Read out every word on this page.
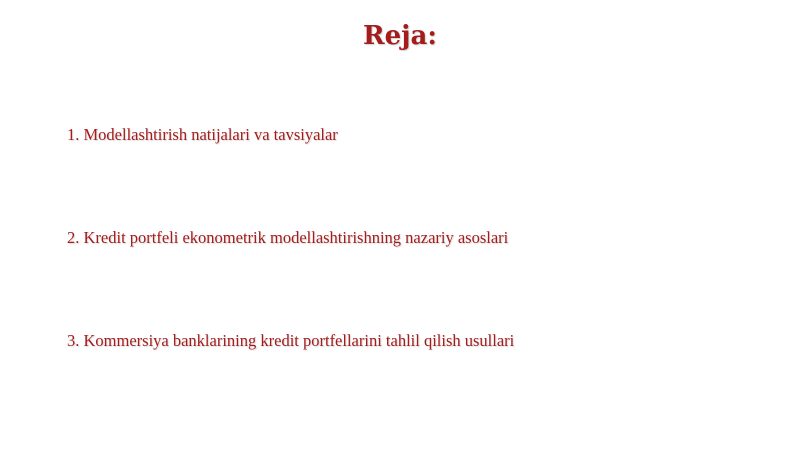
Reja:
1. Modellashtirish natijalari va tavsiyalar
2. Kredit portfeli ekonometrik modellashtirishning nazariy asoslari
3. Kommersiya banklarining kredit portfellarini tahlil qilish usullari
